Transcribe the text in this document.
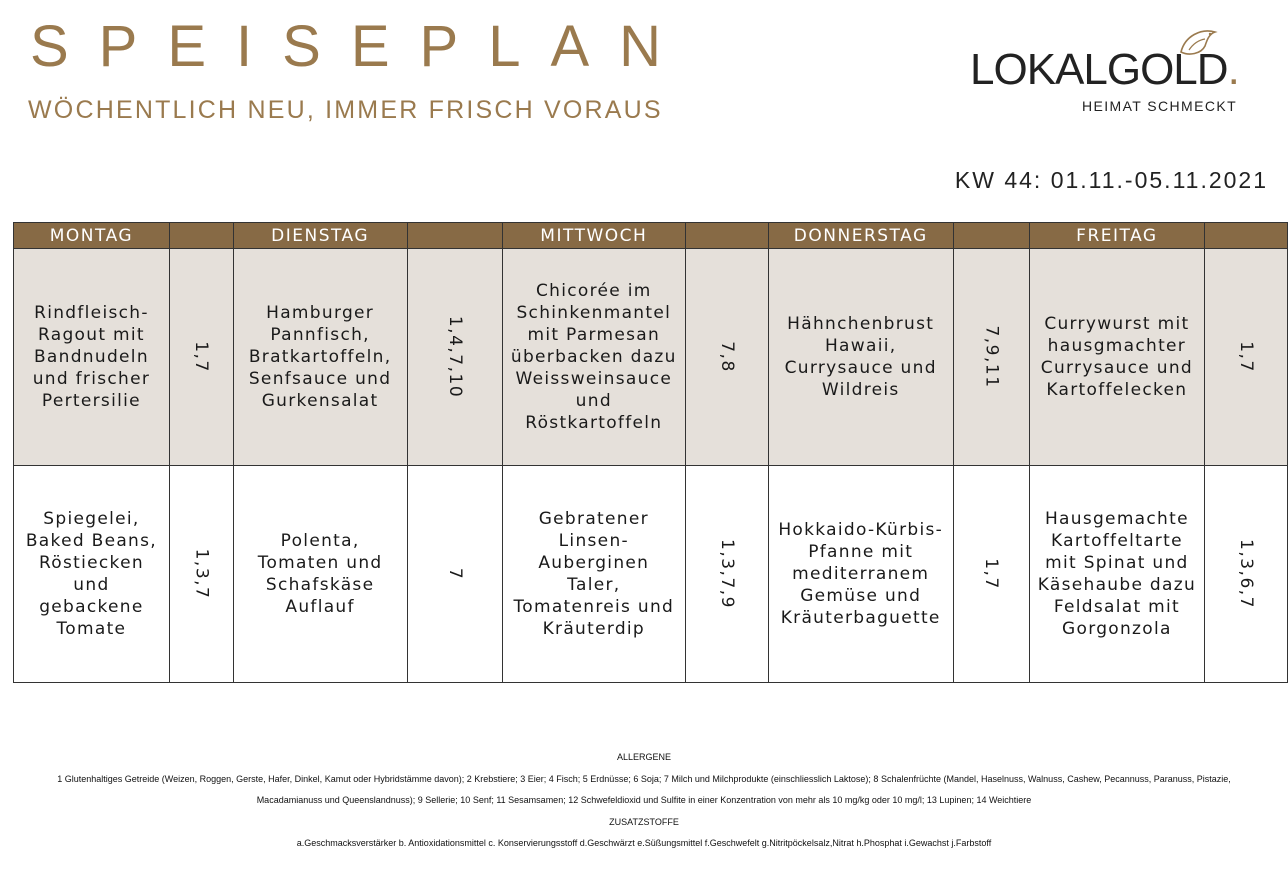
SPEISEPLAN
WÖCHENTLICH NEU, IMMER FRISCH VORAUS
LOKALGOLD.
HEIMAT SCHMECKT
KW 44: 01.11.-05.11.2021
MONTAG		DIENSTAG		MITTWOCH		DONNERSTAG		FREITAG	
Rindfleisch-Ragout mit Bandnudeln und frischer Pertersilie	1,7	Hamburger Pannfisch, Bratkartoffeln, Senfsauce und Gurkensalat	1,4,7,10	Chicorée im Schinkenmantel mit Parmesan überbacken dazu Weissweinsauce und Röstkartoffeln	7,8	Hähnchenbrust Hawaii, Currysauce und Wildreis	7,9,11	Currywurst mit hausgmachter Currysauce und Kartoffelecken	1,7
Spiegelei, Baked Beans, Röstiecken und gebackene Tomate	1,3,7	Polenta, Tomaten und Schafskäse Auflauf	7	Gebratener Linsen-Auberginen Taler, Tomatenreis und Kräuterdip	1,3,7,9	Hokkaido-Kürbis-Pfanne mit mediterranem Gemüse und Kräuterbaguette	1,7	Hausgemachte Kartoffeltarte mit Spinat und Käsehaube dazu Feldsalat mit Gorgonzola	1,3,6,7
ALLERGENE
1 Glutenhaltiges Getreide (Weizen, Roggen, Gerste, Hafer, Dinkel, Kamut oder Hybridstämme davon); 2 Krebstiere; 3 Eier; 4 Fisch; 5 Erdnüsse; 6 Soja; 7 Milch und Milchprodukte (einschliesslich Laktose); 8 Schalenfrüchte (Mandel, Haselnuss, Walnuss, Cashew, Pecannuss, Paranuss, Pistazie,
Macadamianuss und Queenslandnuss); 9 Sellerie; 10 Senf; 11 Sesamsamen; 12 Schwefeldioxid und Sulfite in einer Konzentration von mehr als 10 mg/kg oder 10 mg/l; 13 Lupinen; 14 Weichtiere
ZUSATZSTOFFE
a.Geschmacksverstärker b. Antioxidationsmittel c. Konservierungsstoff d.Geschwärzt e.Süßungsmittel f.Geschwefelt g.Nitritpöckelsalz,Nitrat h.Phosphat i.Gewachst j.Farbstoff
